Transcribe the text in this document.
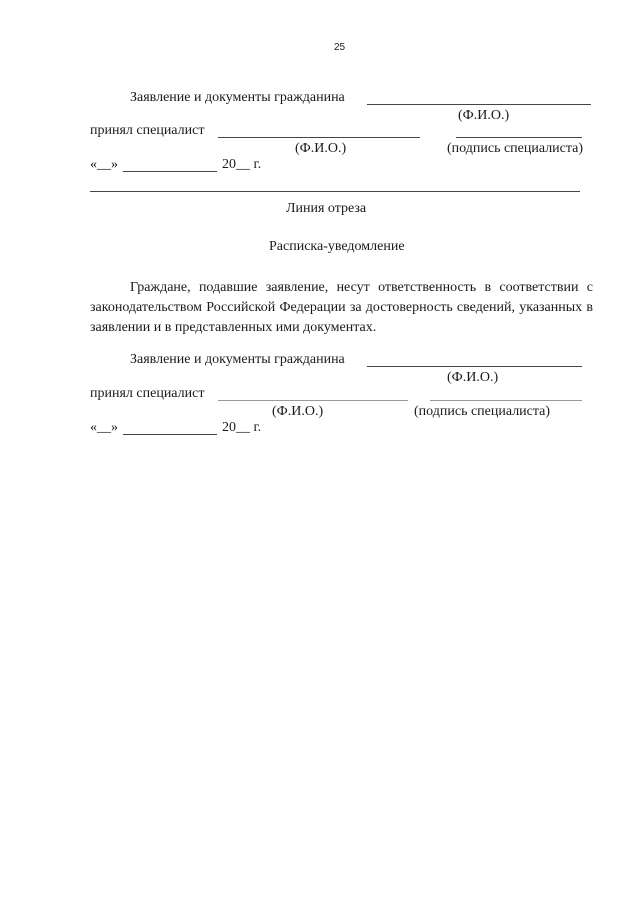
25
Заявление и документы гражданина
(Ф.И.О.)
принял специалист
(Ф.И.О.)	(подпись специалиста)
«__»	20__ г.
Линия отреза
Расписка-уведомление
Граждане, подавшие заявление, несут ответственность в соответствии с законодательством Российской Федерации за достоверность сведений, указанных в заявлении и в представленных ими документах.
Заявление и документы гражданина
(Ф.И.О.)
принял специалист
(Ф.И.О.)	(подпись специалиста)
«__»	20__ г.
